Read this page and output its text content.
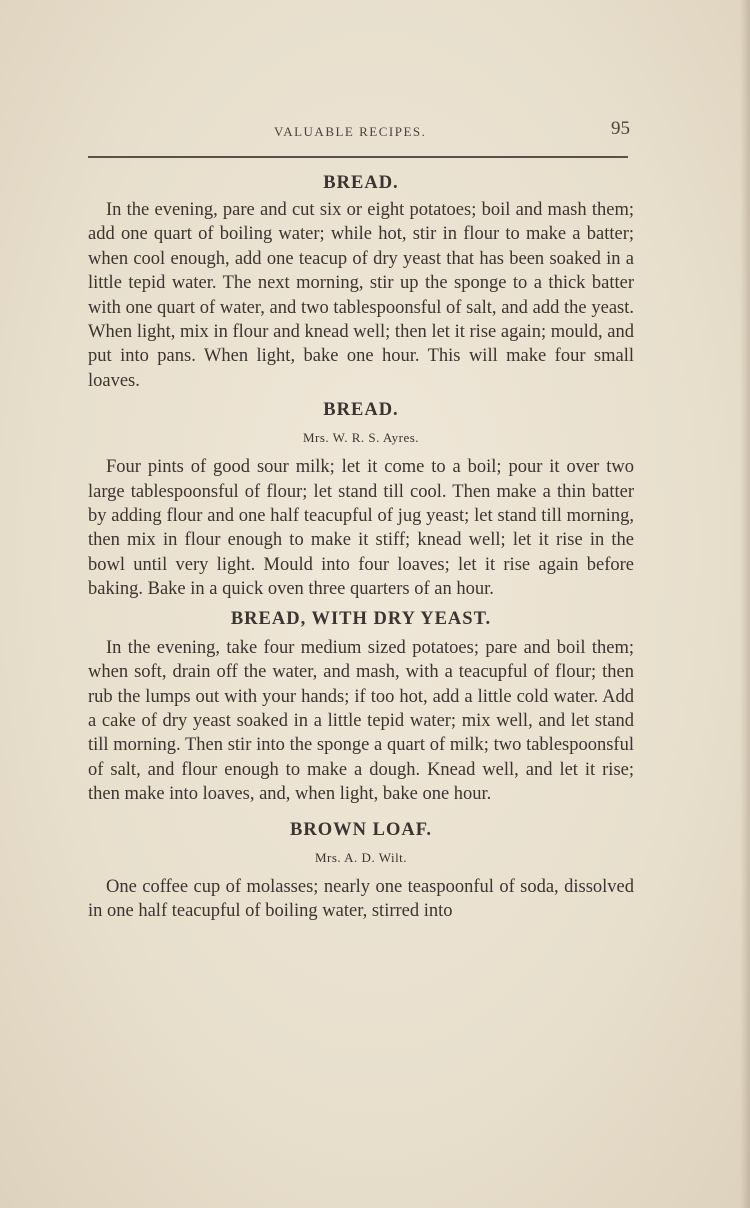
VALUABLE RECIPES.	95
BREAD.

In the evening, pare and cut six or eight potatoes; boil and mash them; add one quart of boiling water; while hot, stir in flour to make a batter; when cool enough, add one teacup of dry yeast that has been soaked in a little tepid water. The next morning, stir up the sponge to a thick batter with one quart of water, and two tablespoonsful of salt, and add the yeast. When light, mix in flour and knead well; then let it rise again; mould, and put into pans. When light, bake one hour. This will make four small loaves.

BREAD.

Mrs. W. R. S. Ayres.

Four pints of good sour milk; let it come to a boil; pour it over two large tablespoonsful of flour; let stand till cool. Then make a thin batter by adding flour and one half teacupful of jug yeast; let stand till morning, then mix in flour enough to make it stiff; knead well; let it rise in the bowl until very light. Mould into four loaves; let it rise again before baking. Bake in a quick oven three quarters of an hour.

BREAD, WITH DRY YEAST.

In the evening, take four medium sized potatoes; pare and boil them; when soft, drain off the water, and mash, with a teacupful of flour; then rub the lumps out with your hands; if too hot, add a little cold water. Add a cake of dry yeast soaked in a little tepid water; mix well, and let stand till morning. Then stir into the sponge a quart of milk; two tablespoonsful of salt, and flour enough to make a dough. Knead well, and let it rise; then make into loaves, and, when light, bake one hour.

BROWN LOAF.

Mrs. A. D. Wilt.

One coffee cup of molasses; nearly one teaspoonful of soda, dissolved in one half teacupful of boiling water, stirred into
